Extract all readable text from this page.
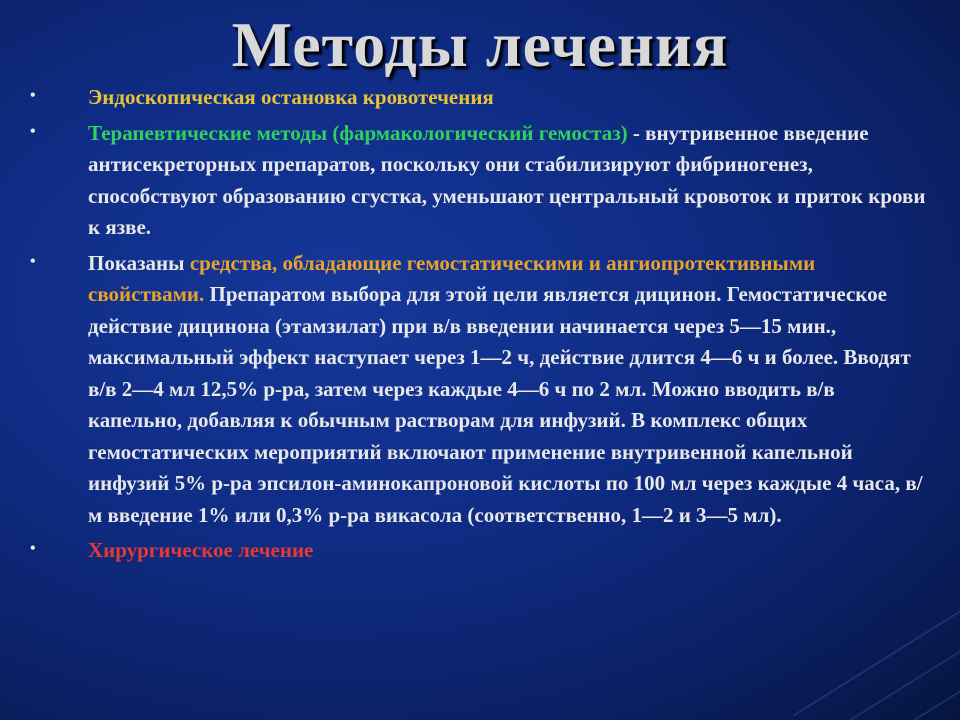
Методы лечения
• Эндоскопическая остановка кровотечения
• Терапевтические методы (фармакологический гемостаз) - внутривенное введение антисекреторных препаратов, поскольку они стабилизируют фибриногенез, способствуют образованию сгустка, уменьшают центральный кровоток и приток крови к язве.
• Показаны средства, обладающие гемостатическими и ангиопротективными свойствами. Препаратом выбора для этой цели является дицинон. Гемостатическое действие дицинона (этамзилат) при в/в введении начинается через 5—15 мин., максимальный эффект наступает через 1—2 ч, действие длится 4—6 ч и более. Вводят в/в 2—4 мл 12,5% р-ра, затем через каждые 4—6 ч по 2 мл. Можно вводить в/в капельно, добавляя к обычным растворам для инфузий. В комплекс общих гемостатических мероприятий включают применение внутривенной капельной инфузий 5% р-ра эпсилон-аминокапроновой кислоты по 100 мл через каждые 4 часа, в/м введение 1% или 0,3% р-ра викасола (соответственно, 1—2 и 3—5 мл).
• Хирургическое лечение
